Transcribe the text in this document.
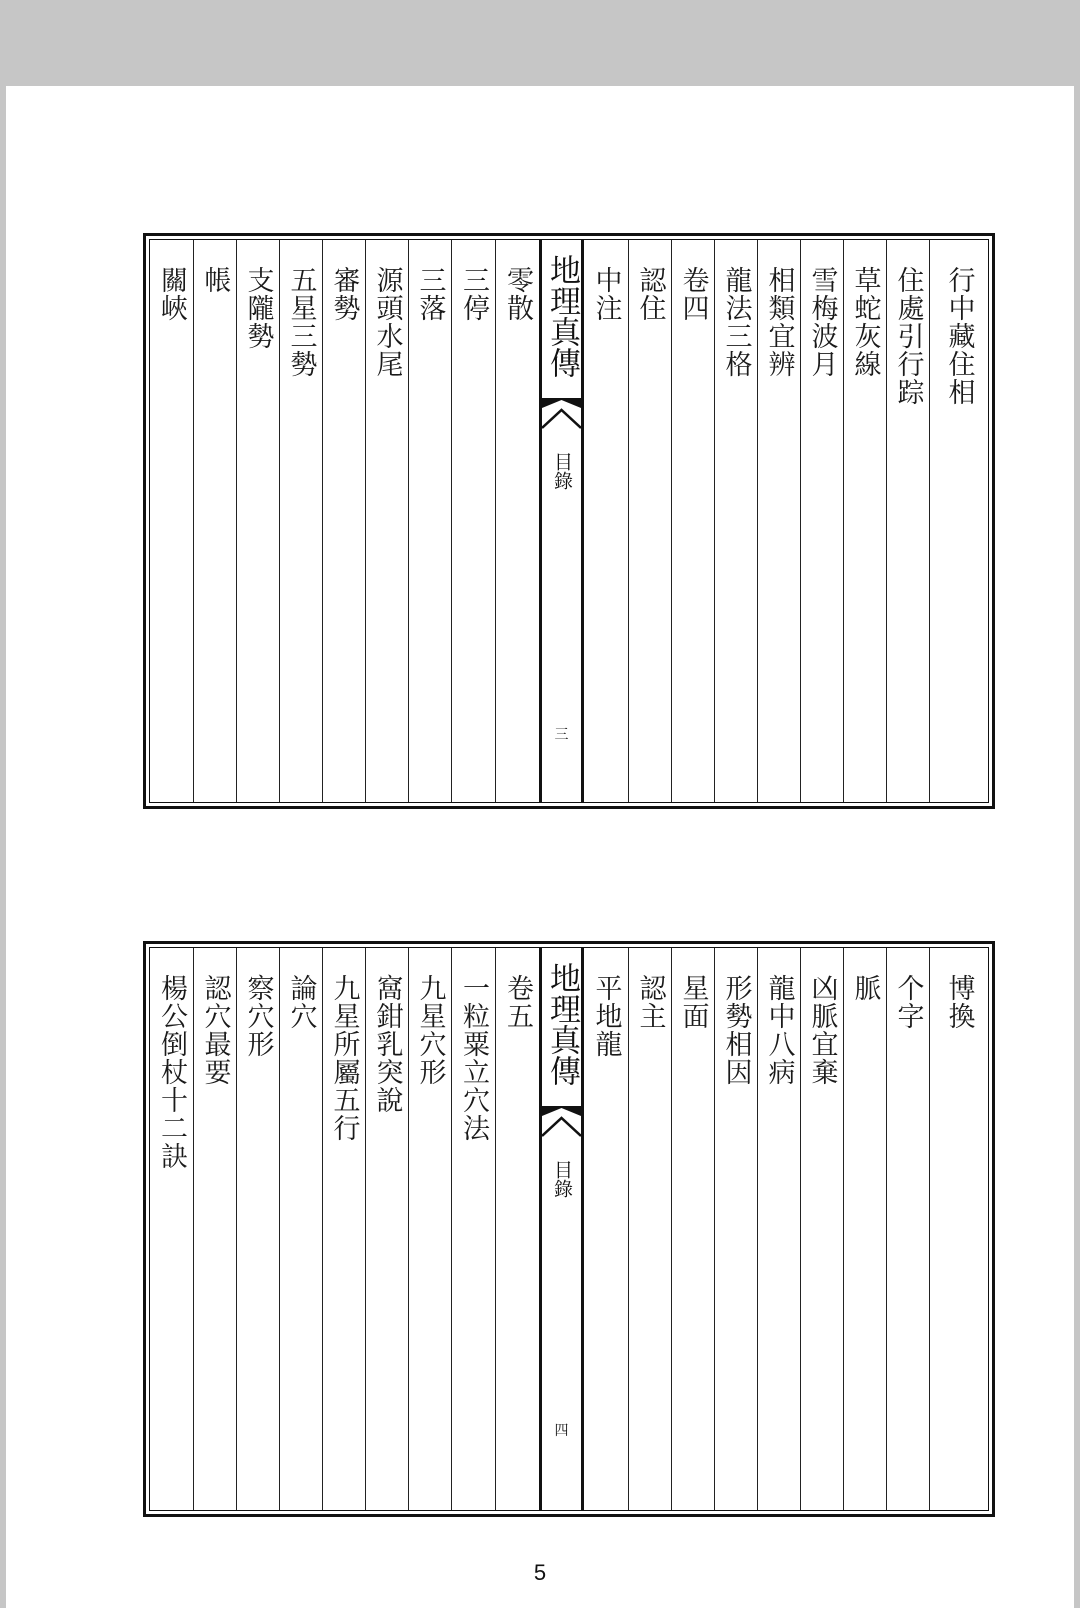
零散
三停
三落
源頭水尾
審勢
五星三勢
支隴勢
帳
關峽	地理真傳
目錄
三
中注 認住 卷四 龍法三格 相類宜辨 雪梅波月 草蛇灰線 住處引行踪 行中藏住相
卷五
一粒粟立穴法
九星穴形
窩鉗乳突說
九星所屬五行
論穴
察穴形
認穴最要
楊公倒杖十二訣	地理真傳
目錄
四
平地龍 認主 星面 形勢相因 龍中八病 凶脈宜棄 脈 个字 博換
5
